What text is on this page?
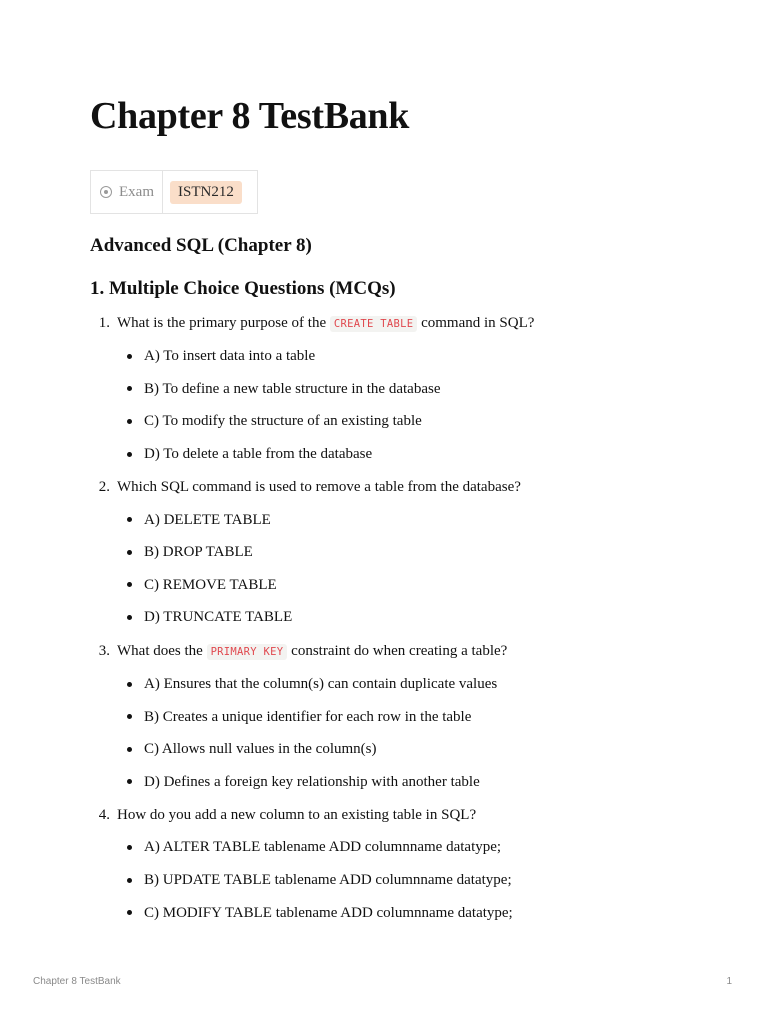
Chapter 8 TestBank
Exam	ISTN212
Advanced SQL (Chapter 8)
1. Multiple Choice Questions (MCQs)
1. What is the primary purpose of the CREATE TABLE command in SQL?
A) To insert data into a table
B) To define a new table structure in the database
C) To modify the structure of an existing table
D) To delete a table from the database
2. Which SQL command is used to remove a table from the database?
A) DELETE TABLE
B) DROP TABLE
C) REMOVE TABLE
D) TRUNCATE TABLE
3. What does the PRIMARY KEY constraint do when creating a table?
A) Ensures that the column(s) can contain duplicate values
B) Creates a unique identifier for each row in the table
C) Allows null values in the column(s)
D) Defines a foreign key relationship with another table
4. How do you add a new column to an existing table in SQL?
A) ALTER TABLE tablename ADD columnname datatype;
B) UPDATE TABLE tablename ADD columnname datatype;
C) MODIFY TABLE tablename ADD columnname datatype;
Chapter 8 TestBank	1
